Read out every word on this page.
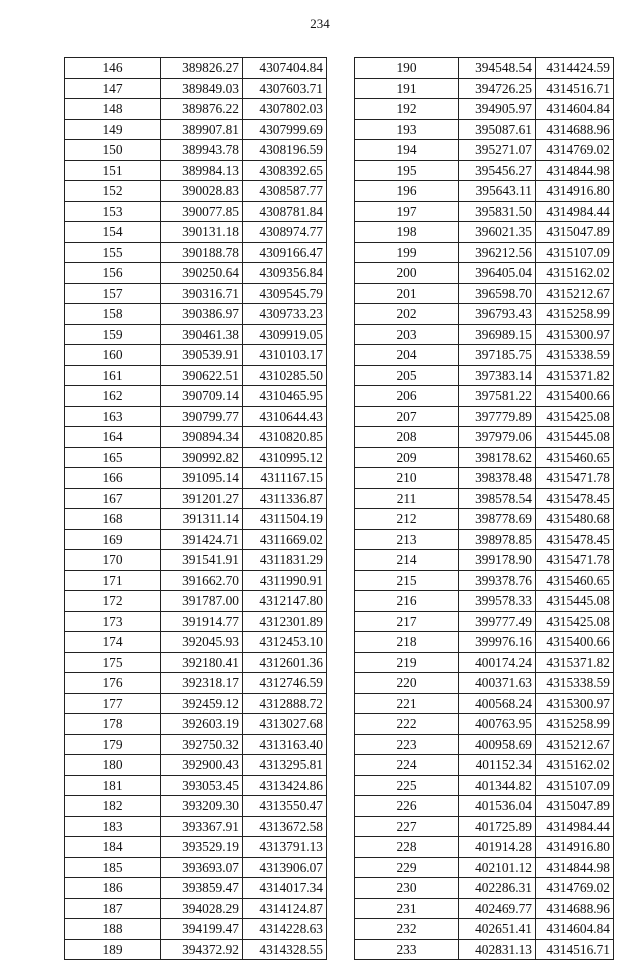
234
146	389826.27	4307404.84
147	389849.03	4307603.71
148	389876.22	4307802.03
149	389907.81	4307999.69
150	389943.78	4308196.59
151	389984.13	4308392.65
152	390028.83	4308587.77
153	390077.85	4308781.84
154	390131.18	4308974.77
155	390188.78	4309166.47
156	390250.64	4309356.84
157	390316.71	4309545.79
158	390386.97	4309733.23
159	390461.38	4309919.05
160	390539.91	4310103.17
161	390622.51	4310285.50
162	390709.14	4310465.95
163	390799.77	4310644.43
164	390894.34	4310820.85
165	390992.82	4310995.12
166	391095.14	4311167.15
167	391201.27	4311336.87
168	391311.14	4311504.19
169	391424.71	4311669.02
170	391541.91	4311831.29
171	391662.70	4311990.91
172	391787.00	4312147.80
173	391914.77	4312301.89
174	392045.93	4312453.10
175	392180.41	4312601.36
176	392318.17	4312746.59
177	392459.12	4312888.72
178	392603.19	4313027.68
179	392750.32	4313163.40
180	392900.43	4313295.81
181	393053.45	4313424.86
182	393209.30	4313550.47
183	393367.91	4313672.58
184	393529.19	4313791.13
185	393693.07	4313906.07
186	393859.47	4314017.34
187	394028.29	4314124.87
188	394199.47	4314228.63
189	394372.92	4314328.55
190	394548.54	4314424.59
191	394726.25	4314516.71
192	394905.97	4314604.84
193	395087.61	4314688.96
194	395271.07	4314769.02
195	395456.27	4314844.98
196	395643.11	4314916.80
197	395831.50	4314984.44
198	396021.35	4315047.89
199	396212.56	4315107.09
200	396405.04	4315162.02
201	396598.70	4315212.67
202	396793.43	4315258.99
203	396989.15	4315300.97
204	397185.75	4315338.59
205	397383.14	4315371.82
206	397581.22	4315400.66
207	397779.89	4315425.08
208	397979.06	4315445.08
209	398178.62	4315460.65
210	398378.48	4315471.78
211	398578.54	4315478.45
212	398778.69	4315480.68
213	398978.85	4315478.45
214	399178.90	4315471.78
215	399378.76	4315460.65
216	399578.33	4315445.08
217	399777.49	4315425.08
218	399976.16	4315400.66
219	400174.24	4315371.82
220	400371.63	4315338.59
221	400568.24	4315300.97
222	400763.95	4315258.99
223	400958.69	4315212.67
224	401152.34	4315162.02
225	401344.82	4315107.09
226	401536.04	4315047.89
227	401725.89	4314984.44
228	401914.28	4314916.80
229	402101.12	4314844.98
230	402286.31	4314769.02
231	402469.77	4314688.96
232	402651.41	4314604.84
233	402831.13	4314516.71
